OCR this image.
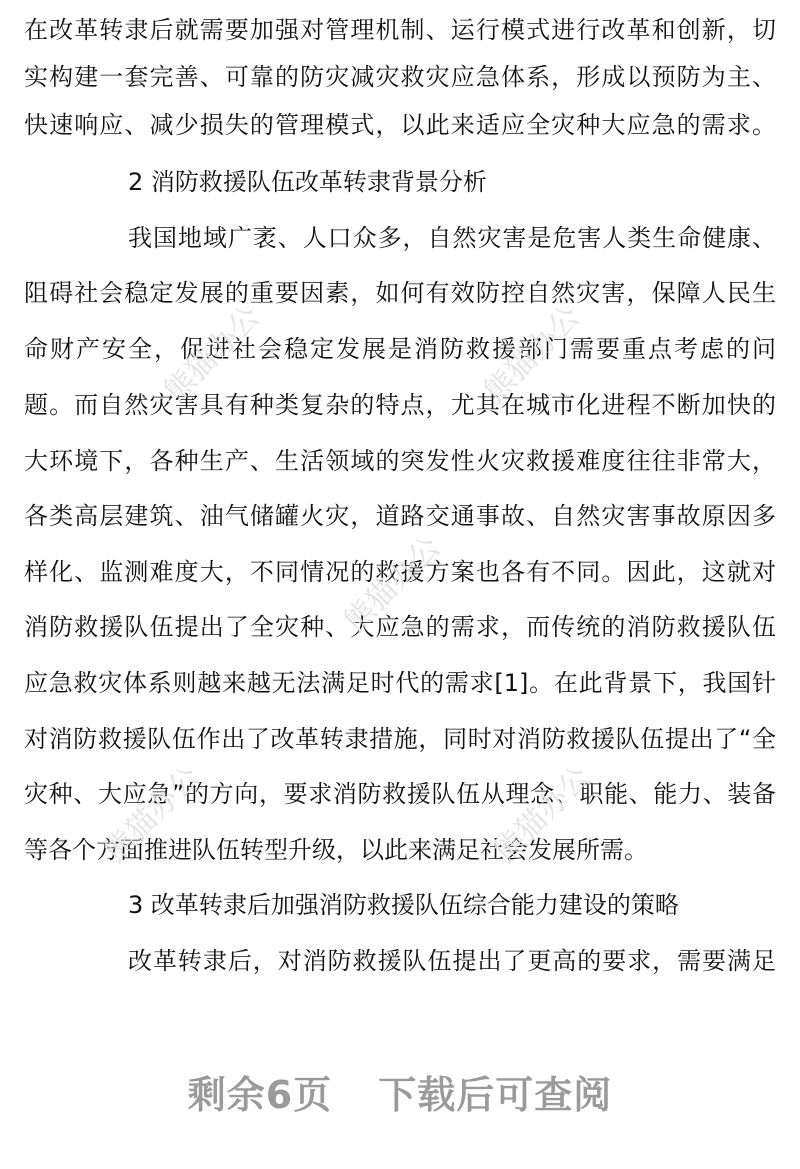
在改革转隶后就需要加强对管理机制、运行模式进行改革和创新，切
实构建一套完善、可靠的防灾减灾救灾应急体系，形成以预防为主、
快速响应、减少损失的管理模式，以此来适应全灾种大应急的需求。
2 消防救援队伍改革转隶背景分析
我国地域广袤、人口众多，自然灾害是危害人类生命健康、
阻碍社会稳定发展的重要因素，如何有效防控自然灾害，保障人民生
命财产安全，促进社会稳定发展是消防救援部门需要重点考虑的问
题。而自然灾害具有种类复杂的特点，尤其在城市化进程不断加快的
大环境下，各种生产、生活领域的突发性火灾救援难度往往非常大，
各类高层建筑、油气储罐火灾，道路交通事故、自然灾害事故原因多
样化、监测难度大，不同情况的救援方案也各有不同。因此，这就对
消防救援队伍提出了全灾种、大应急的需求，而传统的消防救援队伍
应急救灾体系则越来越无法满足时代的需求[1]。在此背景下，我国针
对消防救援队伍作出了改革转隶措施，同时对消防救援队伍提出了“全
灾种、大应急”的方向，要求消防救援队伍从理念、职能、能力、装备
等各个方面推进队伍转型升级，以此来满足社会发展所需。
3 改革转隶后加强消防救援队伍综合能力建设的策略
改革转隶后，对消防救援队伍提出了更高的要求，需要满足
剩余6页 下载后可查阅
熊猫办公	熊猫办公
熊猫办公
熊猫办公	熊猫办公
